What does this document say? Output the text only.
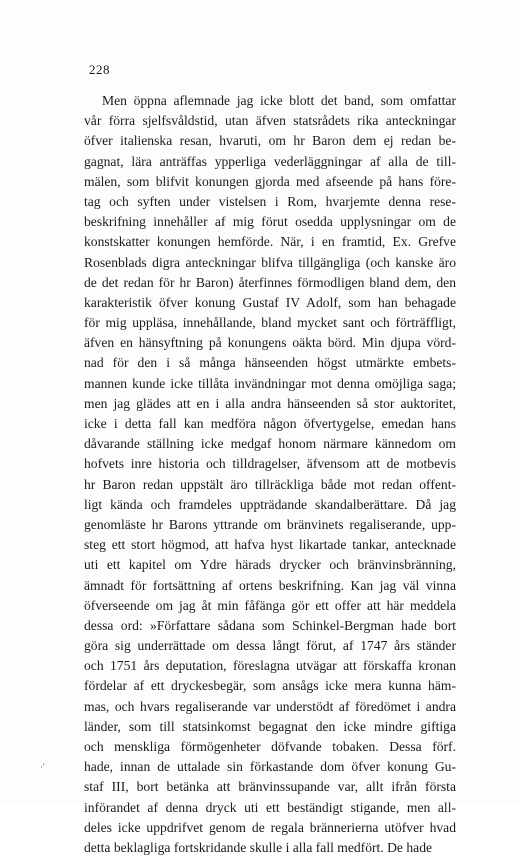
228
Men öppna aflemnade jag icke blott det band, som omfattar
vår förra sjelfsvåldstid, utan äfven statsrådets rika anteckningar
öfver italienska resan, hvaruti, om hr Baron dem ej redan be-
gagnat, lära anträffas ypperliga vederläggningar af alla de till-
mälen, som blifvit konungen gjorda med afseende på hans före-
tag och syften under vistelsen i Rom, hvarjemte denna rese-
beskrifning innehåller af mig förut osedda upplysningar om de
konstskatter konungen hemförde. När, i en framtid, Ex. Grefve
Rosenblads digra anteckningar blifva tillgängliga (och kanske äro
de det redan för hr Baron) återfinnes förmodligen bland dem, den
karakteristik öfver konung Gustaf IV Adolf, som han behagade
för mig uppläsa, innehållande, bland mycket sant och förträffligt,
äfven en hänsyftning på konungens oäkta börd. Min djupa vörd-
nad för den i så många hänseenden högst utmärkte embets-
mannen kunde icke tillåta invändningar mot denna omöjliga saga;
men jag glädes att en i alla andra hänseenden så stor auktoritet,
icke i detta fall kan medföra någon öfvertygelse, emedan hans
dåvarande ställning icke medgaf honom närmare kännedom om
hofvets inre historia och tilldragelser, äfvensom att de motbevis
hr Baron redan uppstält äro tillräckliga både mot redan offent-
ligt kända och framdeles uppträdande skandalberättare. Då jag
genomläste hr Barons yttrande om bränvinets regaliserande, upp-
steg ett stort högmod, att hafva hyst likartade tankar, antecknade
uti ett kapitel om Ydre härads drycker och bränvinsbränning,
ämnadt för fortsättning af ortens beskrifning. Kan jag väl vinna
öfverseende om jag åt min fåfänga gör ett offer att här meddela
dessa ord: »Författare sådana som Schinkel-Bergman hade bort
göra sig underrättade om dessa långt förut, af 1747 års ständer
och 1751 års deputation, föreslagna utvägar att förskaffa kronan
fördelar af ett dryckesbegär, som ansågs icke mera kunna häm-
mas, och hvars regaliserande var understödt af föredömet i andra
länder, som till statsinkomst begagnat den icke mindre giftiga
och menskliga förmögenheter döfvande tobaken. Dessa förf.
hade, innan de uttalade sin förkastande dom öfver konung Gu-
staf III, bort betänka att bränvinssupande var, allt ifrån första
införandet af denna dryck uti ett beständigt stigande, men all-
deles icke uppdrifvet genom de regala brännerierna utöfver hvad
detta beklagliga fortskridande skulle i alla fall medfört. De hade
·'
